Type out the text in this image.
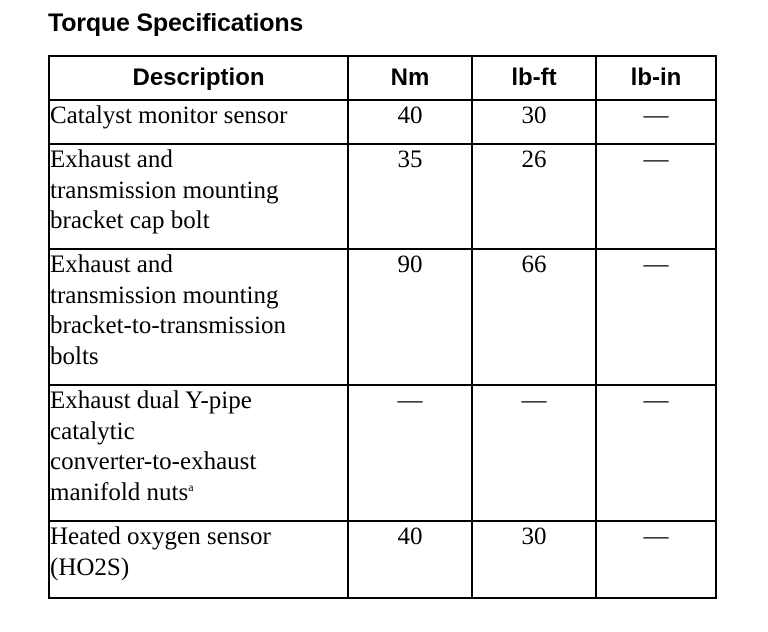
Torque Specifications
Description	Nm	lb-ft	lb-in

Catalyst monitor sensor	40	30	—

Exhaust and
transmission mounting
bracket cap bolt	35	26	—

Exhaust and
transmission mounting
bracket-to-transmission
bolts	90	66	—

Exhaust dual Y-pipe
catalytic
converter-to-exhaust
manifold nuts$^a$	—	—	—

Heated oxygen sensor
(HO2S)	40	30	—
